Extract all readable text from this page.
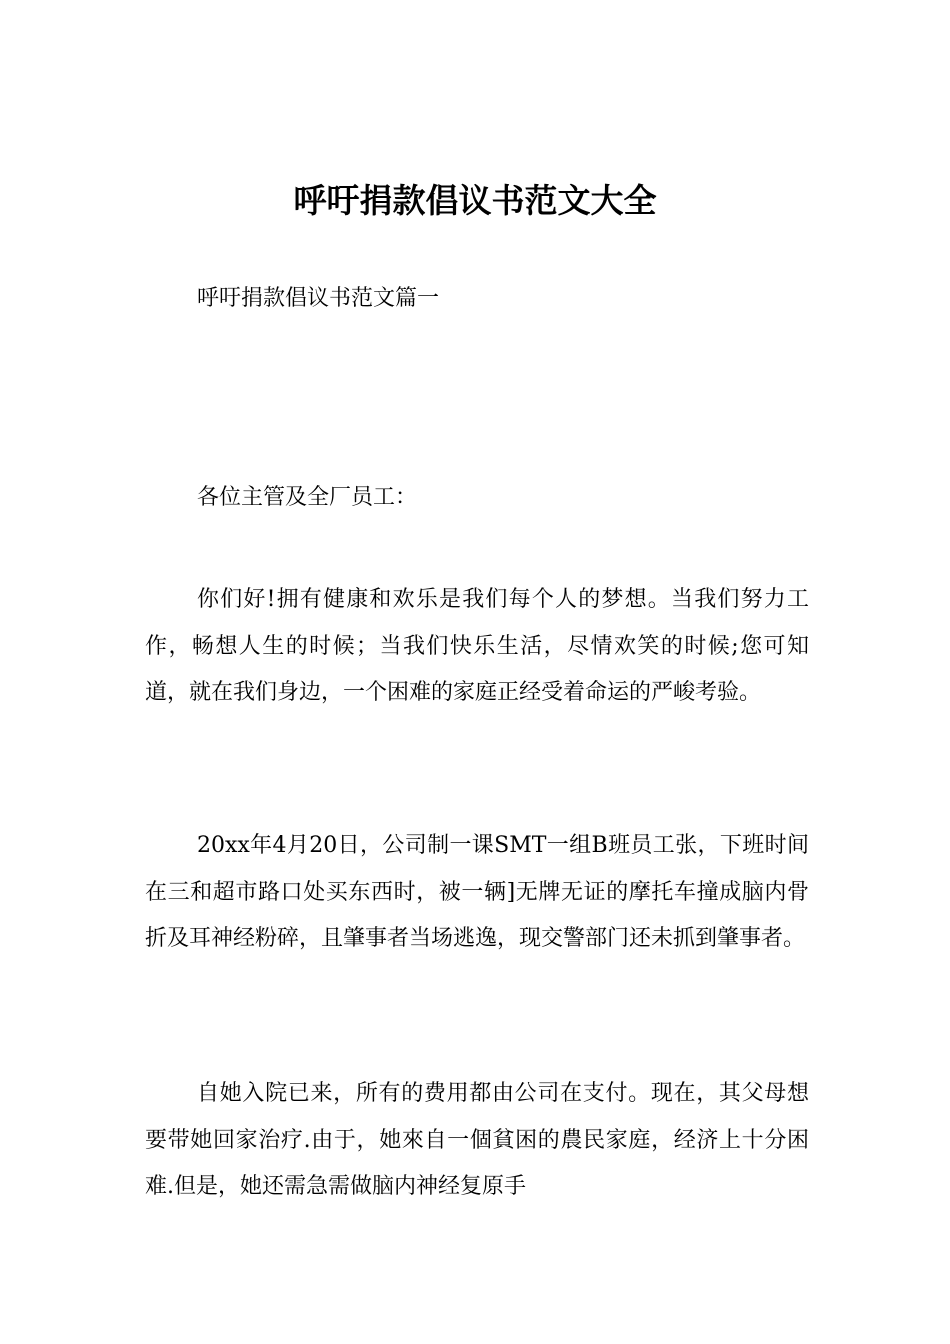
呼吁捐款倡议书范文大全

呼吁捐款倡议书范文篇一

各位主管及全厂员工：

你们好!拥有健康和欢乐是我们每个人的梦想。当我们努力工作，畅想人生的时候；当我们快乐生活，尽情欢笑的时候;您可知道，就在我们身边，一个困难的家庭正经受着命运的严峻考验。

20xx年4月20日，公司制一课SMT一组B班员工张，下班时间在三和超市路口处买东西时，被一辆]无牌无证的摩托车撞成脑内骨折及耳神经粉碎，且肇事者当场逃逸，现交警部门还未抓到肇事者。

自她入院已来，所有的费用都由公司在支付。现在，其父母想要带她回家治疗.由于，她來自一個貧困的農民家庭，经济上十分困难.但是，她还需急需做脑内神经复原手
